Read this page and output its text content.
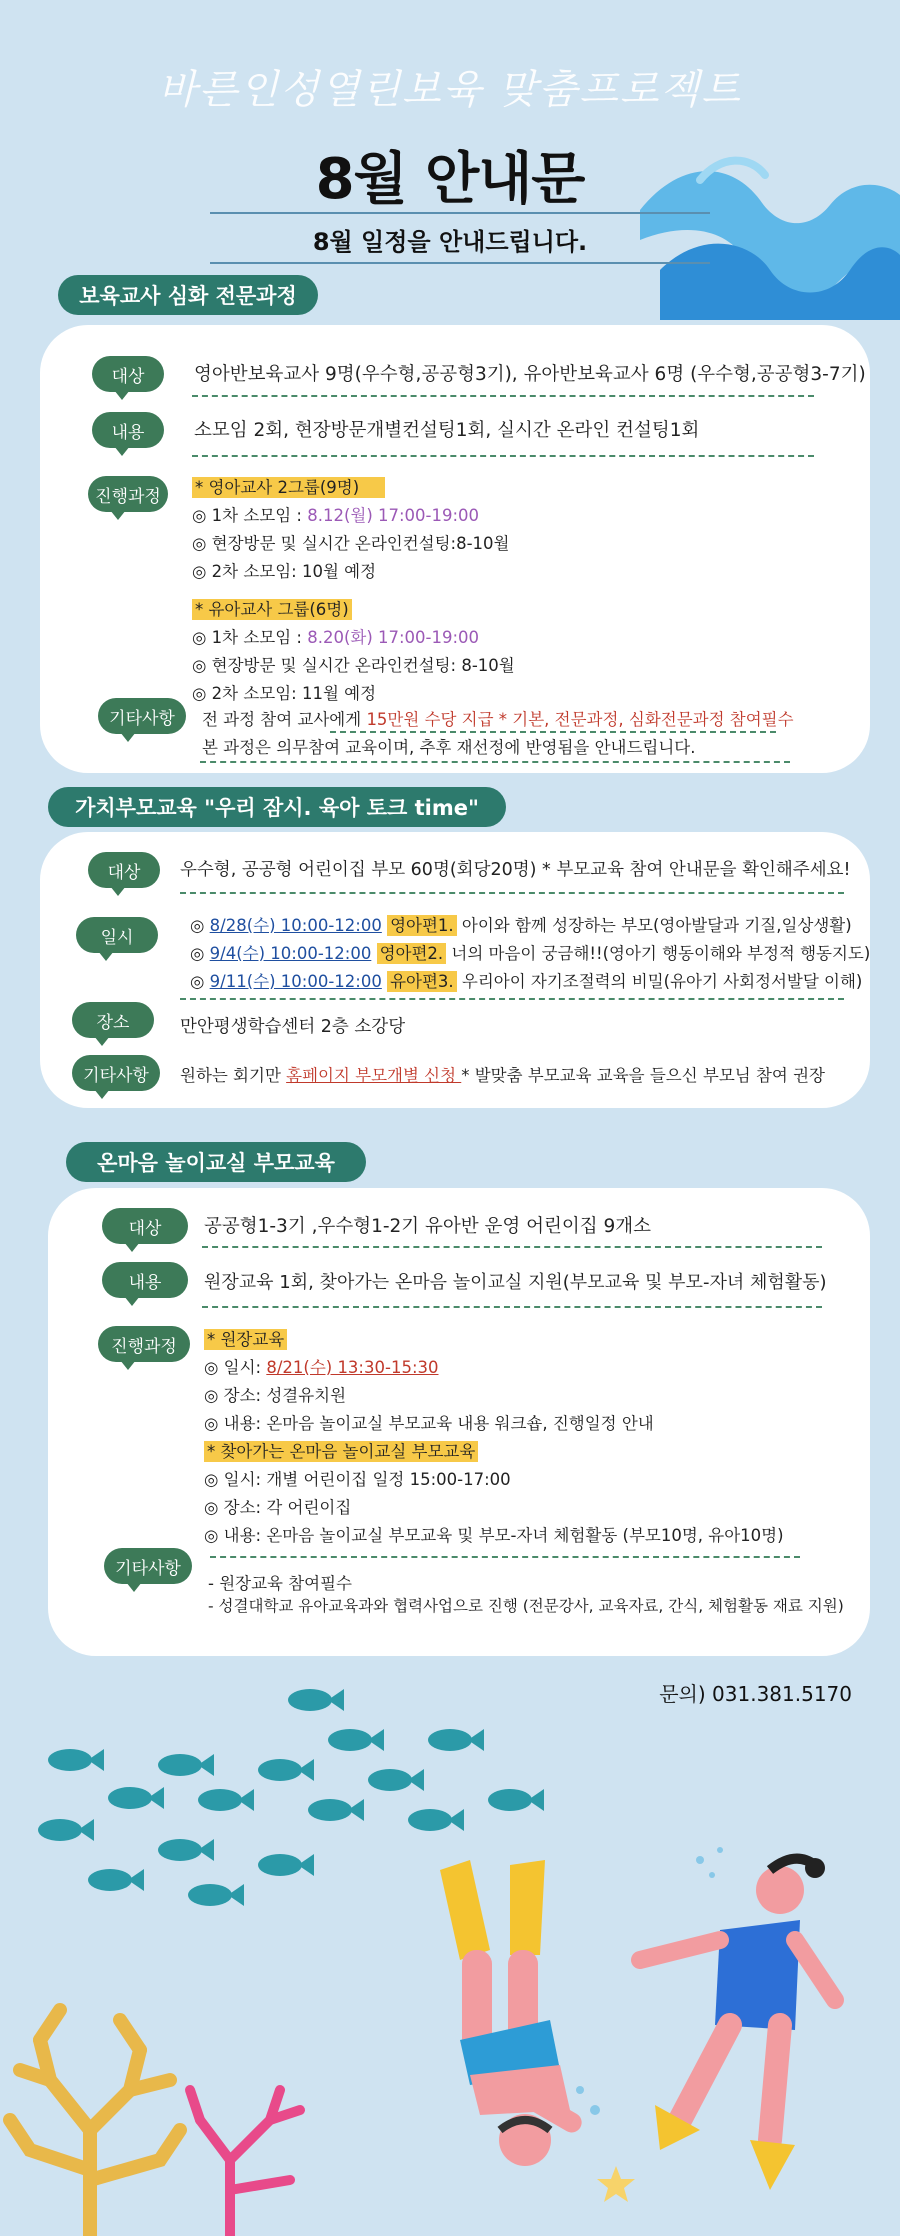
바른인성열린보육 맞춤프로젝트
8월 안내문
8월 일정을 안내드립니다.
보육교사 심화 전문과정
대상	영아반보육교사 9명(우수형,공공형3기), 유아반보육교사 6명 (우수형,공공형3-7기)
내용	소모임 2회, 현장방문개별컨설팅1회, 실시간 온라인 컨설팅1회
진행과정	* 영아교사 2그룹(9명)
◎ 1차 소모임 : 8.12(월) 17:00-19:00
◎ 현장방문 및 실시간 온라인컨설팅:8-10월
◎ 2차 소모임: 10월 예정
* 유아교사 그룹(6명)
◎ 1차 소모임 : 8.20(화) 17:00-19:00
◎ 현장방문 및 실시간 온라인컨설팅: 8-10월
◎ 2차 소모임: 11월 예정
기타사항	전 과정 참여 교사에게 15만원 수당 지급 * 기본, 전문과정, 심화전문과정 참여필수
본 과정은 의무참여 교육이며, 추후 재선정에 반영됨을 안내드립니다.
가치부모교육 "우리 잠시. 육아 토크 time"
대상	우수형, 공공형 어린이집 부모 60명(회당20명) * 부모교육 참여 안내문을 확인해주세요!
일시
◎ 8/28(수) 10:00-12:00 영아편1. 아이와 함께 성장하는 부모(영아발달과 기질,일상생활)
◎ 9/4(수) 10:00-12:00 영아편2. 너의 마음이 궁금해!!(영아기 행동이해와 부정적 행동지도)
◎ 9/11(수) 10:00-12:00 유아편3. 우리아이 자기조절력의 비밀(유아기 사회정서발달 이해)
장소	만안평생학습센터 2층 소강당
기타사항	원하는 회기만 홈페이지 부모개별 신청 * 발맞춤 부모교육 교육을 들으신 부모님 참여 권장
온마음 놀이교실 부모교육
대상	공공형1-3기 ,우수형1-2기 유아반 운영 어린이집 9개소
내용	원장교육 1회, 찾아가는 온마음 놀이교실 지원(부모교육 및 부모-자녀 체험활동)
진행과정	* 원장교육
◎ 일시: 8/21(수) 13:30-15:30
◎ 장소: 성결유치원
◎ 내용: 온마음 놀이교실 부모교육 내용 워크숍, 진행일정 안내
* 찾아가는 온마음 놀이교실 부모교육
◎ 일시: 개별 어린이집 일정 15:00-17:00
◎ 장소: 각 어린이집
◎ 내용: 온마음 놀이교실 부모교육 및 부모-자녀 체험활동 (부모10명, 유아10명)
기타사항
- 원장교육 참여필수
- 성결대학교 유아교육과와 협력사업으로 진행 (전문강사, 교육자료, 간식, 체험활동 재료 지원)
문의) 031.381.5170
